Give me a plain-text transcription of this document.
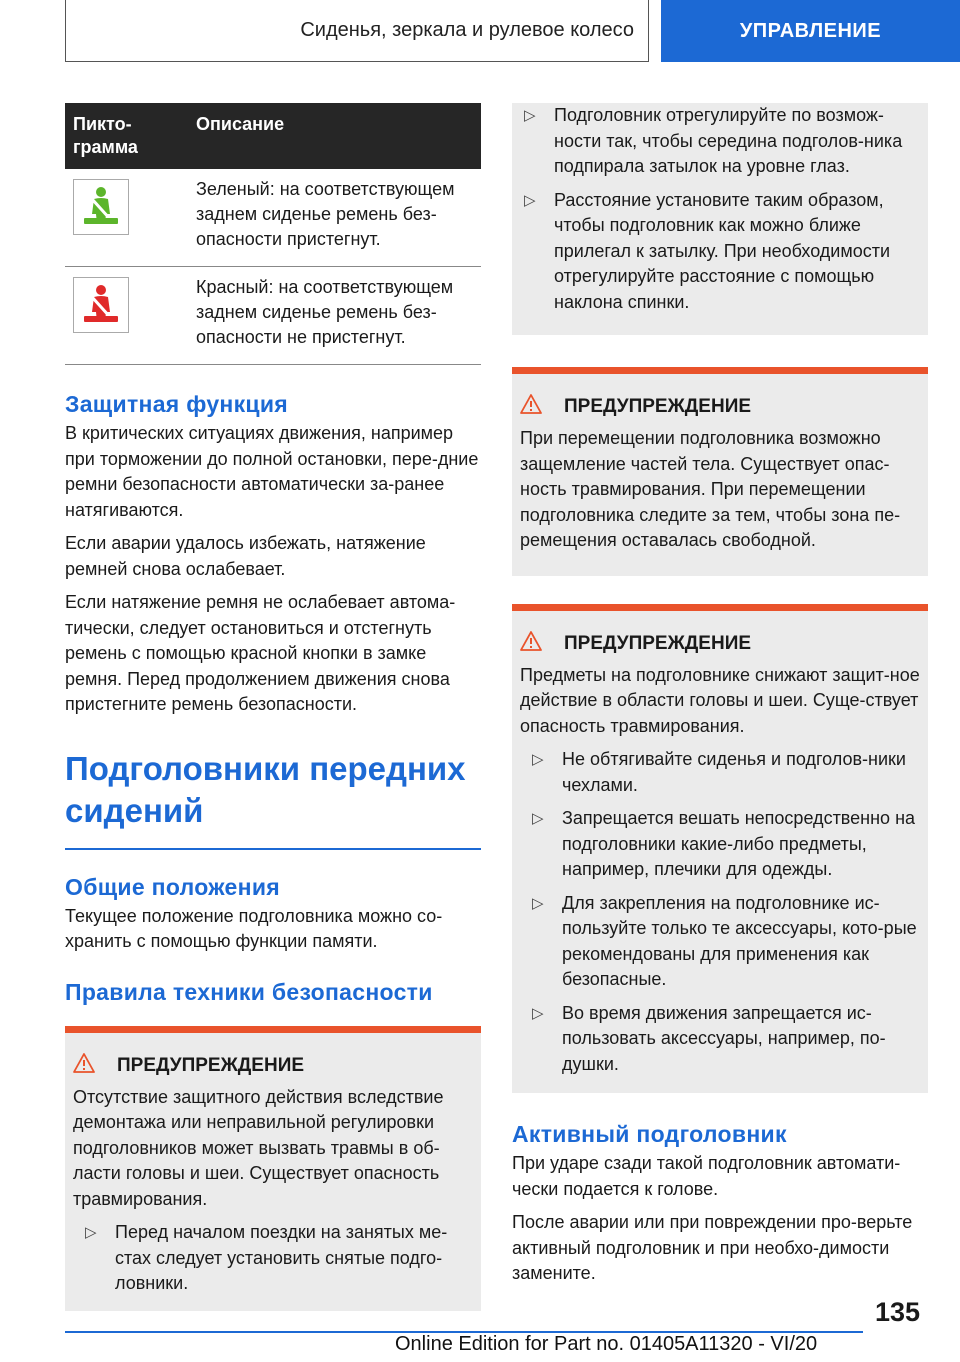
Сиденья, зеркала и рулевое колесо	УПРАВЛЕНИЕ
Пикто-
грамма	Описание

	Зеленый: на соответствующем заднем сиденье ремень без-опасности пристегнут.

	Красный: на соответствующем заднем сиденье ремень без-опасности не пристегнут.
Защитная функция

В критических ситуациях движения, например при торможении до полной остановки, пере-дние ремни безопасности автоматически за-ранее натягиваются.

Если аварии удалось избежать, натяжение ремней снова ослабевает.

Если натяжение ремня не ослабевает автома-тически, следует остановиться и отстегнуть ремень с помощью красной кнопки в замке ремня. Перед продолжением движения снова пристегните ремень безопасности.

Подголовники передних
сидений
Общие положения

Текущее положение подголовника можно со-хранить с помощью функции памяти.

Правила техники безопасности
ПРЕДУПРЕЖДЕНИЕ

Отсутствие защитного действия вследствие демонтажа или неправильной регулировки подголовников может вызвать травмы в об-ласти головы и шеи. Существует опасность травмирования.

▷ Перед началом поездки на занятых ме-стах следует установить снятые подго-ловники.
▷ Подголовник отрегулируйте по возмож-ности так, чтобы середина подголов-ника подпирала затылок на уровне глаз.
▷ Расстояние установите таким образом, чтобы подголовник как можно ближе прилегал к затылку. При необходимости отрегулируйте расстояние с помощью наклона спинки.
ПРЕДУПРЕЖДЕНИЕ

При перемещении подголовника возможно защемление частей тела. Существует опас-ность травмирования. При перемещении подголовника следите за тем, чтобы зона пе-ремещения оставалась свободной.

ПРЕДУПРЕЖДЕНИЕ

Предметы на подголовнике снижают защит-ное действие в области головы и шеи. Суще-ствует опасность травмирования.

▷ Не обтягивайте сиденья и подголов-ники чехлами.
▷ Запрещается вешать непосредственно на подголовники какие-либо предметы, например, плечики для одежды.
▷ Для закрепления на подголовнике ис-пользуйте только те аксессуары, кото-рые рекомендованы для применения как безопасные.
▷ Во время движения запрещается ис-пользовать аксессуары, например, по-душки.
Активный подголовник

При ударе сзади такой подголовник автомати-чески подается к голове.

После аварии или при повреждении про-верьте активный подголовник и при необхо-димости замените.

135
Online Edition for Part no. 01405A11320 - VI/20
